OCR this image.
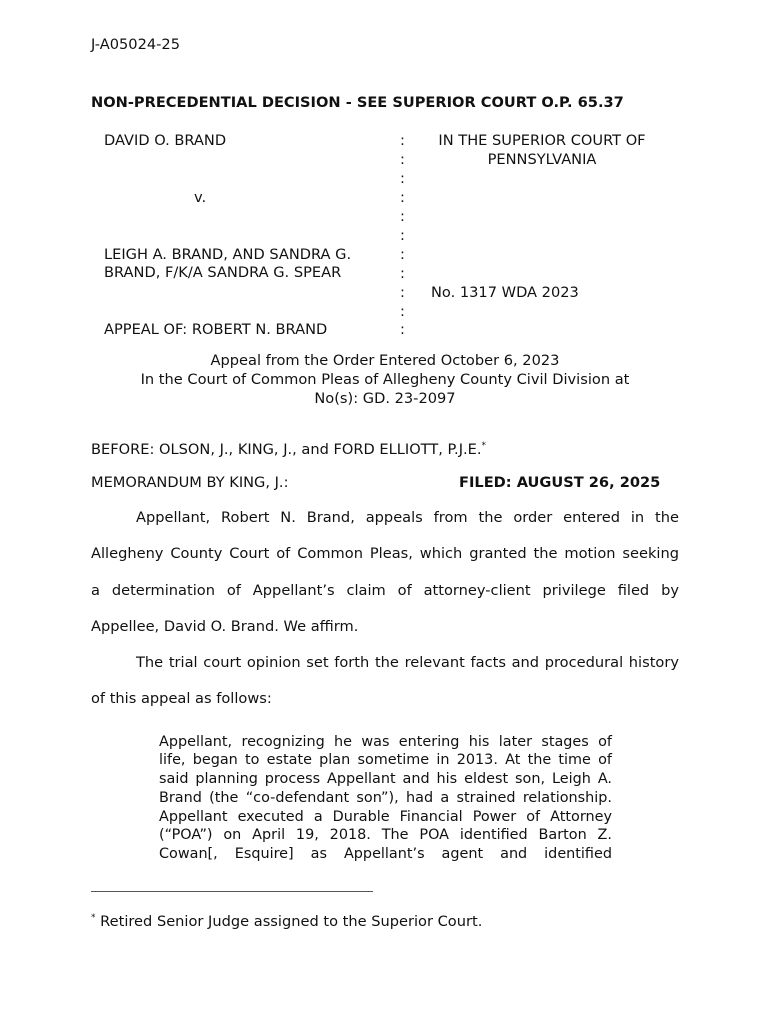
J-A05024-25
NON-PRECEDENTIAL DECISION - SEE SUPERIOR COURT O.P. 65.37
DAVID O. BRAND
v.
LEIGH A. BRAND, AND SANDRA G.
BRAND, F/K/A SANDRA G. SPEAR
APPEAL OF: ROBERT N. BRAND
:
:
:
:
:
:
:
:
:
:
:
IN THE SUPERIOR COURT OF
PENNSYLVANIA
No. 1317 WDA 2023
Appeal from the Order Entered October 6, 2023
In the Court of Common Pleas of Allegheny County Civil Division at
No(s): GD. 23-2097
BEFORE: OLSON, J., KING, J., and FORD ELLIOTT, P.J.E.*
MEMORANDUM BY KING, J.:	FILED: AUGUST 26, 2025
Appellant, Robert N. Brand, appeals from the order entered in the
Allegheny County Court of Common Pleas, which granted the motion seeking
a determination of Appellant’s claim of attorney-client privilege filed by
Appellee, David O. Brand. We affirm.
The trial court opinion set forth the relevant facts and procedural history
of this appeal as follows:
Appellant, recognizing he was entering his later stages of
life, began to estate plan sometime in 2013. At the time of
said planning process Appellant and his eldest son, Leigh A.
Brand (the “co-defendant son”), had a strained relationship.
Appellant executed a Durable Financial Power of Attorney
(“POA”) on April 19, 2018. The POA identified Barton Z.
Cowan[, Esquire] as Appellant’s agent and identified
* Retired Senior Judge assigned to the Superior Court.
